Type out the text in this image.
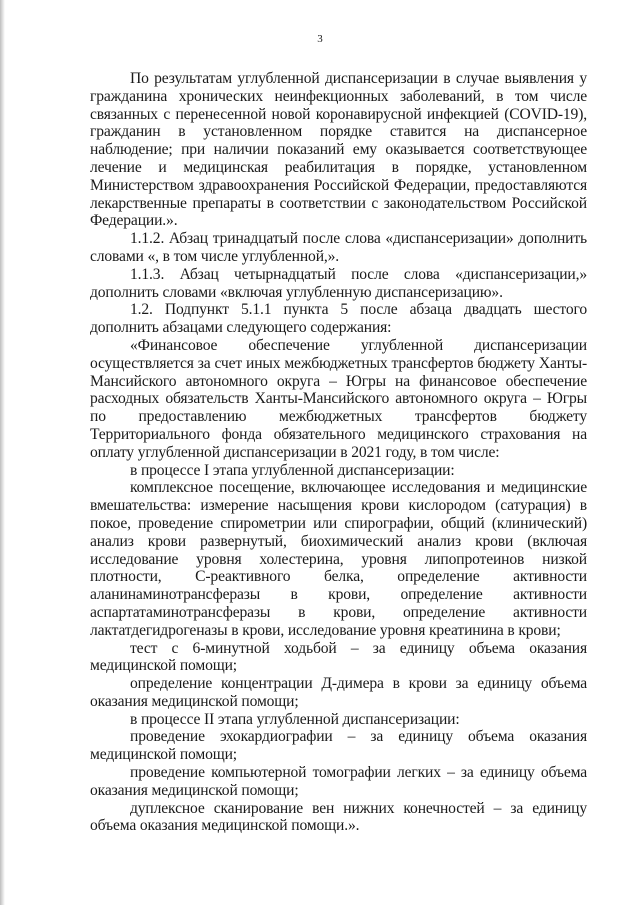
3

По результатам углубленной диспансеризации в случае выявления у гражданина хронических неинфекционных заболеваний, в том числе связанных с перенесенной новой коронавирусной инфекцией (COVID-19), гражданин в установленном порядке ставится на диспансерное наблюдение; при наличии показаний ему оказывается соответствующее лечение и медицинская реабилитация в порядке, установленном Министерством здравоохранения Российской Федерации, предоставляются лекарственные препараты в соответствии с законодательством Российской Федерации.».

1.1.2. Абзац тринадцатый после слова «диспансеризации» дополнить словами «, в том числе углубленной,».

1.1.3. Абзац четырнадцатый после слова «диспансеризации,» дополнить словами «включая углубленную диспансеризацию».

1.2. Подпункт 5.1.1 пункта 5 после абзаца двадцать шестого дополнить абзацами следующего содержания:

«Финансовое обеспечение углубленной диспансеризации осуществляется за счет иных межбюджетных трансфертов бюджету Ханты-Мансийского автономного округа – Югры на финансовое обеспечение расходных обязательств Ханты-Мансийского автономного округа – Югры по предоставлению межбюджетных трансфертов бюджету Территориального фонда обязательного медицинского страхования на оплату углубленной диспансеризации в 2021 году, в том числе:

в процессе I этапа углубленной диспансеризации:

комплексное посещение, включающее исследования и медицинские вмешательства: измерение насыщения крови кислородом (сатурация) в покое, проведение спирометрии или спирографии, общий (клинический) анализ крови развернутый, биохимический анализ крови (включая исследование уровня холестерина, уровня липопротеинов низкой плотности, С-реактивного белка, определение активности аланинаминотрансферазы в крови, определение активности аспартатаминотрансферазы в крови, определение активности лактатдегидрогеназы в крови, исследование уровня креатинина в крови;

тест с 6-минутной ходьбой – за единицу объема оказания медицинской помощи;

определение концентрации Д-димера в крови за единицу объема оказания медицинской помощи;

в процессе II этапа углубленной диспансеризации:

проведение эхокардиографии – за единицу объема оказания медицинской помощи;

проведение компьютерной томографии легких – за единицу объема оказания медицинской помощи;

дуплексное сканирование вен нижних конечностей – за единицу объема оказания медицинской помощи.».
